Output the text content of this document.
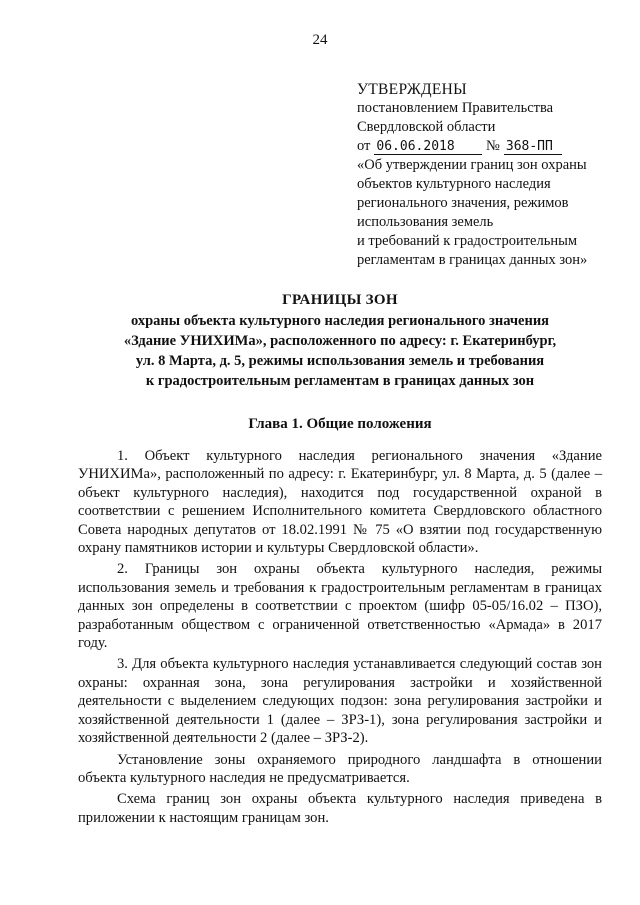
24
УТВЕРЖДЕНЫ
постановлением Правительства
Свердловской области
от 06.06.2018 № 368-ПП
«Об утверждении границ зон охраны
объектов культурного наследия
регионального значения, режимов
использования земель
и требований к градостроительным
регламентам в границах данных зон»
ГРАНИЦЫ ЗОН
охраны объекта культурного наследия регионального значения
«Здание УНИХИМа», расположенного по адресу: г. Екатеринбург,
ул. 8 Марта, д. 5, режимы использования земель и требования
к градостроительным регламентам в границах данных зон
Глава 1. Общие положения

1. Объект культурного наследия регионального значения «Здание УНИХИМа», расположенный по адресу: г. Екатеринбург, ул. 8 Марта, д. 5 (далее – объект культурного наследия), находится под государственной охраной в соответствии с решением Исполнительного комитета Свердловского областного Совета народных депутатов от 18.02.1991 № 75 «О взятии под государственную охрану памятников истории и культуры Свердловской области».

2. Границы зон охраны объекта культурного наследия, режимы использования земель и требования к градостроительным регламентам в границах данных зон определены в соответствии с проектом (шифр 05-05/16.02 – ПЗО), разработанным обществом с ограниченной ответственностью «Армада» в 2017 году.

3. Для объекта культурного наследия устанавливается следующий состав зон охраны: охранная зона, зона регулирования застройки и хозяйственной деятельности с выделением следующих подзон: зона регулирования застройки и хозяйственной деятельности 1 (далее – ЗРЗ-1), зона регулирования застройки и хозяйственной деятельности 2 (далее – ЗРЗ-2).

Установление зоны охраняемого природного ландшафта в отношении объекта культурного наследия не предусматривается.

Схема границ зон охраны объекта культурного наследия приведена в приложении к настоящим границам зон.
